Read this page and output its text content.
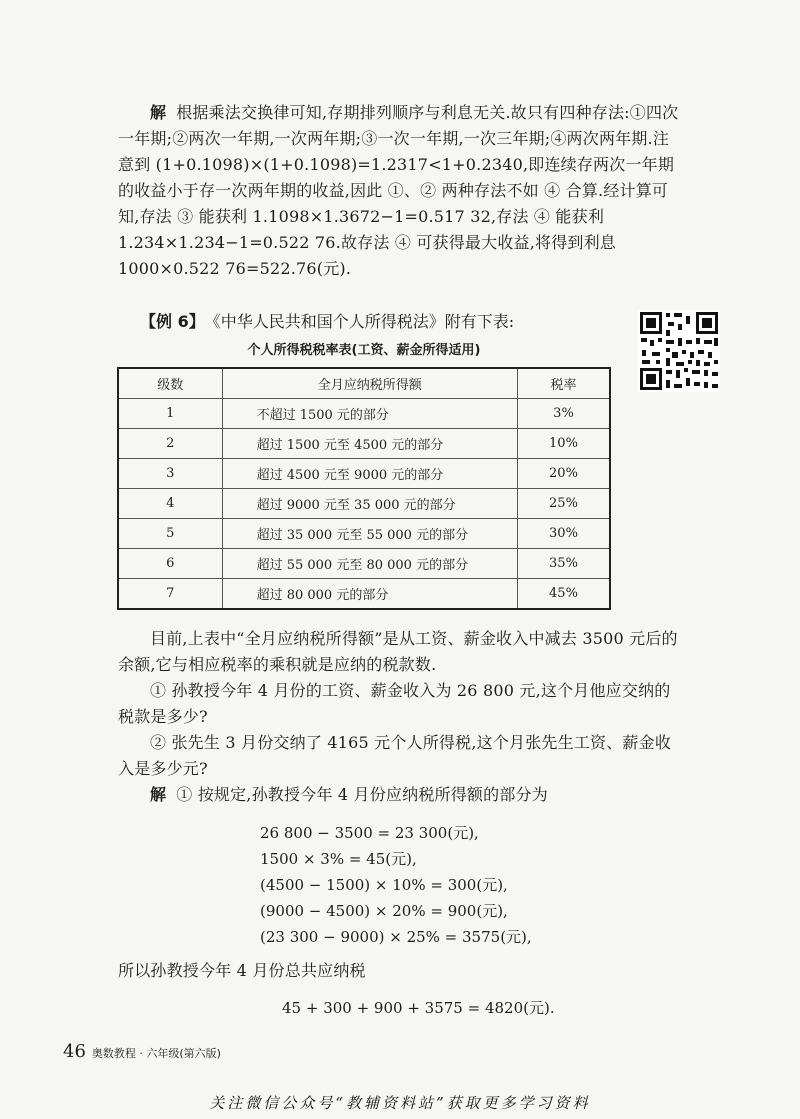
解 根据乘法交换律可知,存期排列顺序与利息无关.故只有四种存法:①四次一年期;②两次一年期,一次两年期;③一次一年期,一次三年期;④两次两年期.注意到 (1+0.1098)×(1+0.1098)=1.2317<1+0.2340,即连续存两次一年期的收益小于存一次两年期的收益,因此 ①、② 两种存法不如 ④ 合算.经计算可知,存法 ③ 能获利 1.1098×1.3672−1=0.517 32,存法 ④ 能获利 1.234×1.234−1=0.522 76.故存法 ④ 可获得最大收益,将得到利息1000×0.522 76=522.76(元).

【例 6】 《中华人民共和国个人所得税法》附有下表:
个人所得税税率表(工资、薪金所得适用)
级数	全月应纳税所得额	税率
1	不超过 1500 元的部分	3%
2	超过 1500 元至 4500 元的部分	10%
3	超过 4500 元至 9000 元的部分	20%
4	超过 9000 元至 35 000 元的部分	25%
5	超过 35 000 元至 55 000 元的部分	30%
6	超过 55 000 元至 80 000 元的部分	35%
7	超过 80 000 元的部分	45%

目前,上表中“全月应纳税所得额”是从工资、薪金收入中减去 3500 元后的余额,它与相应税率的乘积就是应纳的税款数.

① 孙教授今年 4 月份的工资、薪金收入为 26 800 元,这个月他应交纳的税款是多少?

② 张先生 3 月份交纳了 4165 元个人所得税,这个月张先生工资、薪金收入是多少元?

解 ① 按规定,孙教授今年 4 月份应纳税所得额的部分为

26 800 − 3500 = 23 300(元),
1500 × 3% = 45(元),
(4500 − 1500) × 10% = 300(元),
(9000 − 4500) × 20% = 900(元),
(23 300 − 9000) × 25% = 3575(元),

所以孙教授今年 4 月份总共应纳税

45 + 300 + 900 + 3575 = 4820(元).
46 奥数教程 · 六年级(第六版)
关注微信公众号“教辅资料站”获取更多学习资料
